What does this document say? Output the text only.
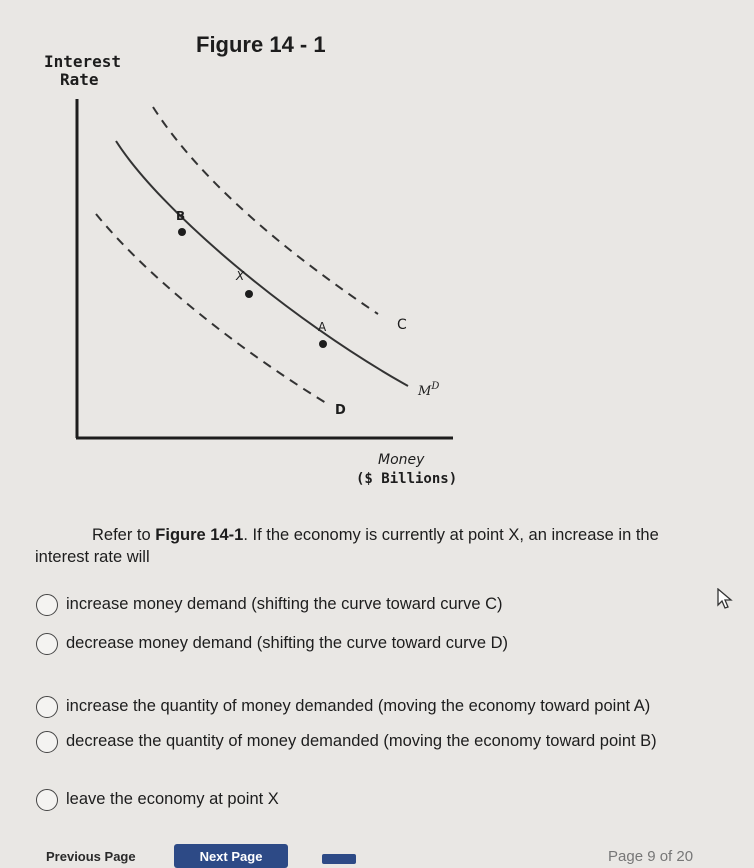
Figure 14 - 1
Interest
Rate
C
$M^D$
D
B
X
A
Money
($ Billions)
Refer to Figure 14-1. If the economy is currently at point X, an increase in the
interest rate will
increase money demand (shifting the curve toward curve C)
decrease money demand (shifting the curve toward curve D)
increase the quantity of money demanded (moving the economy toward point A)
decrease the quantity of money demanded (moving the economy toward point B)
leave the economy at point X
Previous Page	Next Page	Page 9 of 20
